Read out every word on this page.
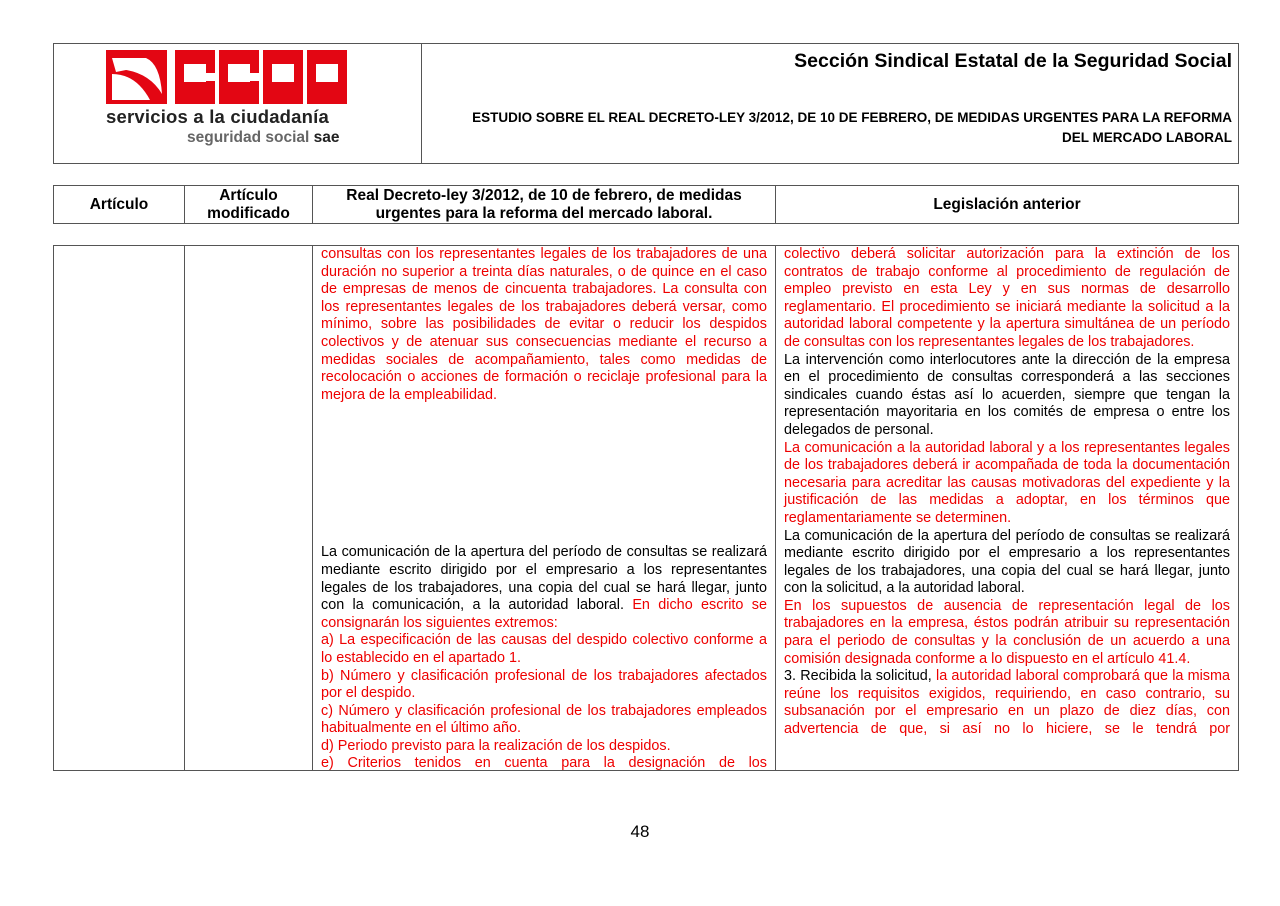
servicios a la ciudadanía
seguridad social sae
Sección Sindical Estatal de la Seguridad Social
ESTUDIO SOBRE EL REAL DECRETO-LEY 3/2012, DE 10 DE FEBRERO, DE MEDIDAS URGENTES PARA LA REFORMA DEL MERCADO LABORAL
Artículo
Artículo modificado
Real Decreto-ley 3/2012, de 10 de febrero, de medidas urgentes para la reforma del mercado laboral.
Legislación anterior

consultas con los representantes legales de los trabajadores de una duración no superior a treinta días naturales, o de quince en el caso de empresas de menos de cincuenta trabajadores. La consulta con los representantes legales de los trabajadores deberá versar, como mínimo, sobre las posibilidades de evitar o reducir los despidos colectivos y de atenuar sus consecuencias mediante el recurso a medidas sociales de acompañamiento, tales como medidas de recolocación o acciones de formación o reciclaje profesional para la mejora de la empleabilidad.

La comunicación de la apertura del período de consultas se realizará mediante escrito dirigido por el empresario a los representantes legales de los trabajadores, una copia del cual se hará llegar, junto con la comunicación, a la autoridad laboral. En dicho escrito se consignarán los siguientes extremos:

a) La especificación de las causas del despido colectivo conforme a lo establecido en el apartado 1.

b) Número y clasificación profesional de los trabajadores afectados por el despido.

c) Número y clasificación profesional de los trabajadores empleados habitualmente en el último año.

d) Periodo previsto para la realización de los despidos.

e) Criterios tenidos en cuenta para la designación de los

colectivo deberá solicitar autorización para la extinción de los contratos de trabajo conforme al procedimiento de regulación de empleo previsto en esta Ley y en sus normas de desarrollo reglamentario. El procedimiento se iniciará mediante la solicitud a la autoridad laboral competente y la apertura simultánea de un período de consultas con los representantes legales de los trabajadores.

La intervención como interlocutores ante la dirección de la empresa en el procedimiento de consultas corresponderá a las secciones sindicales cuando éstas así lo acuerden, siempre que tengan la representación mayoritaria en los comités de empresa o entre los delegados de personal.

La comunicación a la autoridad laboral y a los representantes legales de los trabajadores deberá ir acompañada de toda la documentación necesaria para acreditar las causas motivadoras del expediente y la justificación de las medidas a adoptar, en los términos que reglamentariamente se determinen.

La comunicación de la apertura del período de consultas se realizará mediante escrito dirigido por el empresario a los representantes legales de los trabajadores, una copia del cual se hará llegar, junto con la solicitud, a la autoridad laboral.

En los supuestos de ausencia de representación legal de los trabajadores en la empresa, éstos podrán atribuir su representación para el periodo de consultas y la conclusión de un acuerdo a una comisión designada conforme a lo dispuesto en el artículo 41.4.

3. Recibida la solicitud, la autoridad laboral comprobará que la misma reúne los requisitos exigidos, requiriendo, en caso contrario, su subsanación por el empresario en un plazo de diez días, con advertencia de que, si así no lo hiciere, se le tendrá por

48
